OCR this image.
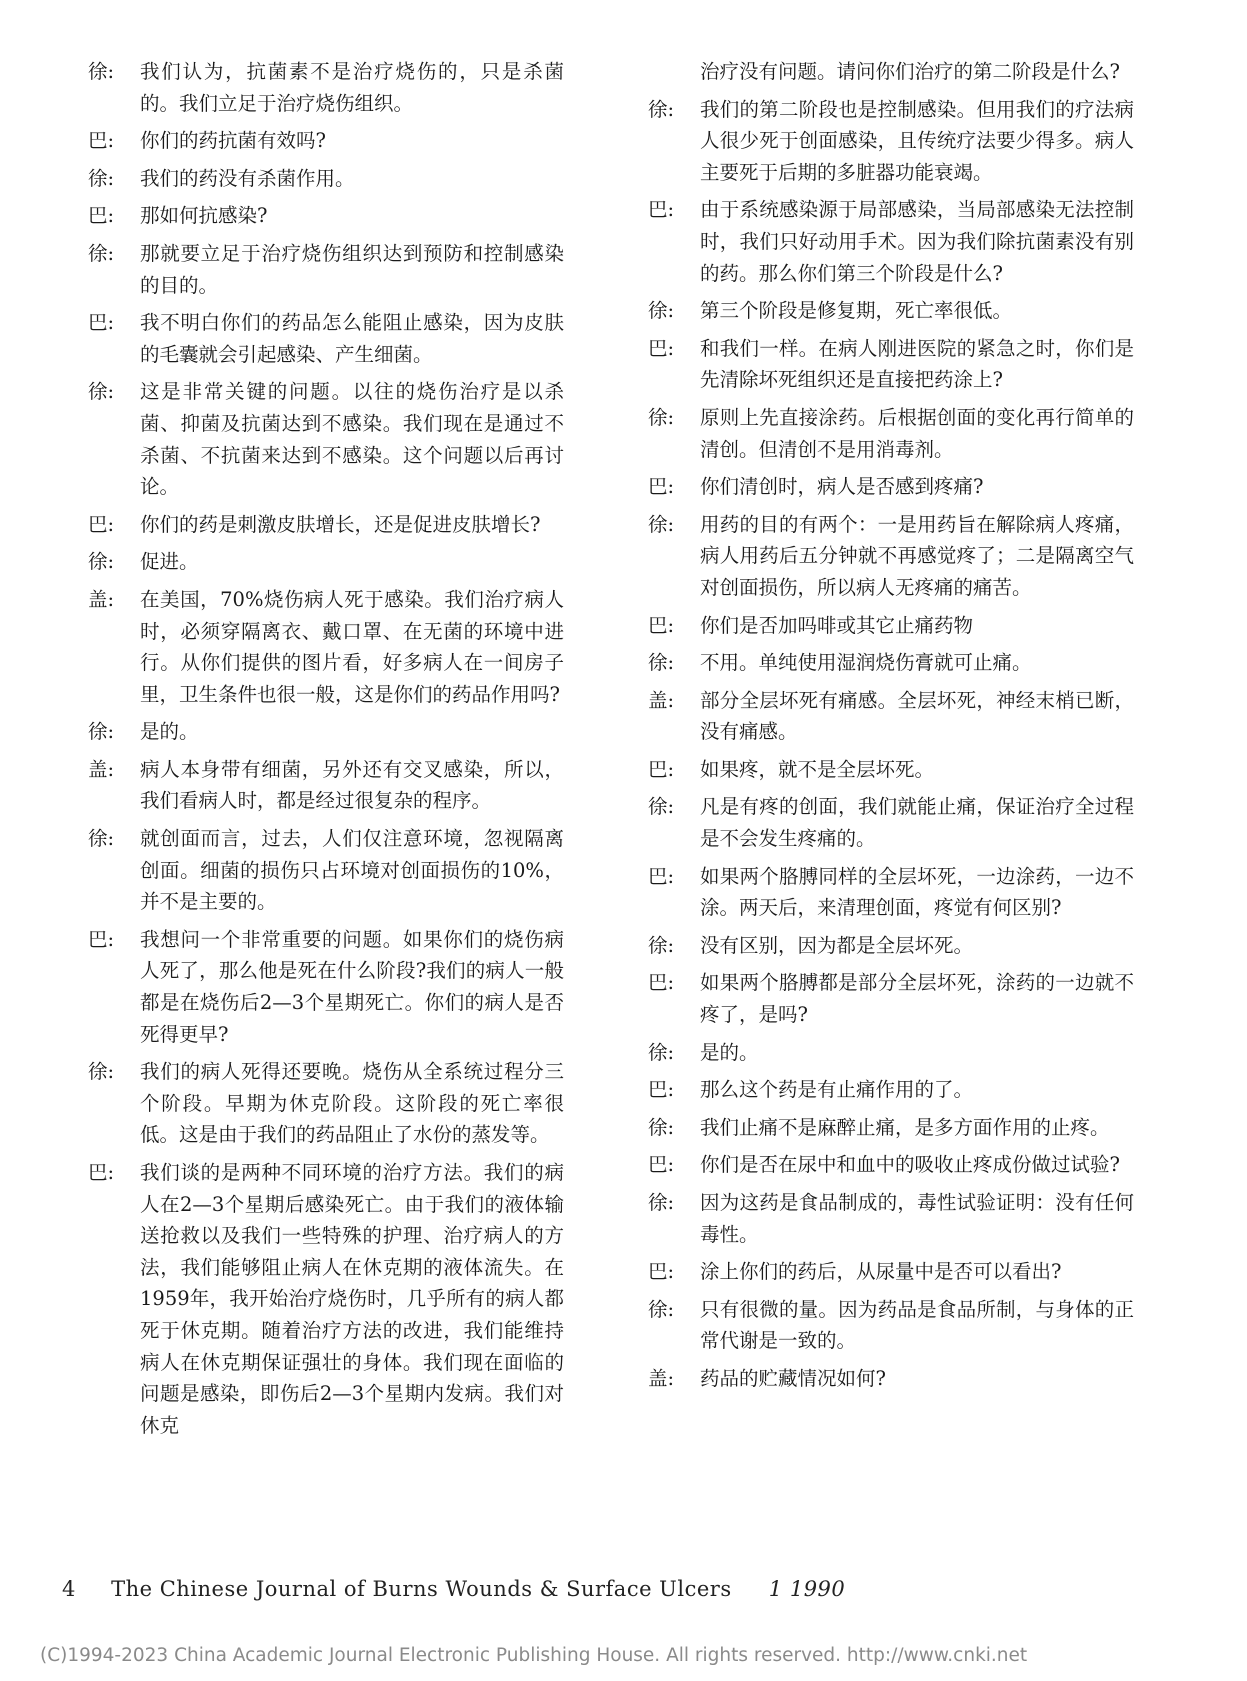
徐:	我们认为，抗菌素不是治疗烧伤的，只是杀菌的。我们立足于治疗烧伤组织。
巴:	你们的药抗菌有效吗?
徐:	我们的药没有杀菌作用。
巴:	那如何抗感染?
徐:	那就要立足于治疗烧伤组织达到预防和控制感染的目的。
巴:	我不明白你们的药品怎么能阻止感染，因为皮肤的毛囊就会引起感染、产生细菌。
徐:	这是非常关键的问题。以往的烧伤治疗是以杀菌、抑菌及抗菌达到不感染。我们现在是通过不杀菌、不抗菌来达到不感染。这个问题以后再讨论。
巴:	你们的药是刺激皮肤增长，还是促进皮肤增长?
徐:	促进。
盖:	在美国，70%烧伤病人死于感染。我们治疗病人时，必须穿隔离衣、戴口罩、在无菌的环境中进行。从你们提供的图片看，好多病人在一间房子里，卫生条件也很一般，这是你们的药品作用吗?
徐:	是的。
盖:	病人本身带有细菌，另外还有交叉感染，所以，我们看病人时，都是经过很复杂的程序。
徐:	就创面而言，过去，人们仅注意环境，忽视隔离创面。细菌的损伤只占环境对创面损伤的10%，并不是主要的。
巴:	我想问一个非常重要的问题。如果你们的烧伤病人死了，那么他是死在什么阶段?我们的病人一般都是在烧伤后2—3个星期死亡。你们的病人是否死得更早?
徐:	我们的病人死得还要晚。烧伤从全系统过程分三个阶段。早期为休克阶段。这阶段的死亡率很低。这是由于我们的药品阻止了水份的蒸发等。
巴:	我们谈的是两种不同环境的治疗方法。我们的病人在2—3个星期后感染死亡。由于我们的液体输送抢救以及我们一些特殊的护理、治疗病人的方法，我们能够阻止病人在休克期的液体流失。在1959年，我开始治疗烧伤时，几乎所有的病人都死于休克期。随着治疗方法的改进，我们能维持病人在休克期保证强壮的身体。我们现在面临的问题是感染，即伤后2—3个星期内发病。我们对休克
治疗没有问题。请问你们治疗的第二阶段是什么?
徐:	我们的第二阶段也是控制感染。但用我们的疗法病人很少死于创面感染，且传统疗法要少得多。病人主要死于后期的多脏器功能衰竭。
巴:	由于系统感染源于局部感染，当局部感染无法控制时，我们只好动用手术。因为我们除抗菌素没有别的药。那么你们第三个阶段是什么?
徐:	第三个阶段是修复期，死亡率很低。
巴:	和我们一样。在病人刚进医院的紧急之时，你们是先清除坏死组织还是直接把药涂上?
徐:	原则上先直接涂药。后根据创面的变化再行简单的清创。但清创不是用消毒剂。
巴:	你们清创时，病人是否感到疼痛?
徐:	用药的目的有两个：一是用药旨在解除病人疼痛，病人用药后五分钟就不再感觉疼了；二是隔离空气对创面损伤，所以病人无疼痛的痛苦。
巴:	你们是否加吗啡或其它止痛药物
徐:	不用。单纯使用湿润烧伤膏就可止痛。
盖:	部分全层坏死有痛感。全层坏死，神经末梢已断，没有痛感。
巴:	如果疼，就不是全层坏死。
徐:	凡是有疼的创面，我们就能止痛，保证治疗全过程是不会发生疼痛的。
巴:	如果两个胳膊同样的全层坏死，一边涂药，一边不涂。两天后，来清理创面，疼觉有何区别?
徐:	没有区别，因为都是全层坏死。
巴:	如果两个胳膊都是部分全层坏死，涂药的一边就不疼了，是吗?
徐:	是的。
巴:	那么这个药是有止痛作用的了。
徐:	我们止痛不是麻醉止痛，是多方面作用的止疼。
巴:	你们是否在尿中和血中的吸收止疼成份做过试验?
徐:	因为这药是食品制成的，毒性试验证明：没有任何毒性。
巴:	涂上你们的药后，从尿量中是否可以看出?
徐:	只有很微的量。因为药品是食品所制，与身体的正常代谢是一致的。
盖:	药品的贮藏情况如何?
4 The Chinese Journal of Burns Wounds & Surface Ulcers 1 1990
(C)1994-2023 China Academic Journal Electronic Publishing House. All rights reserved. http://www.cnki.net
